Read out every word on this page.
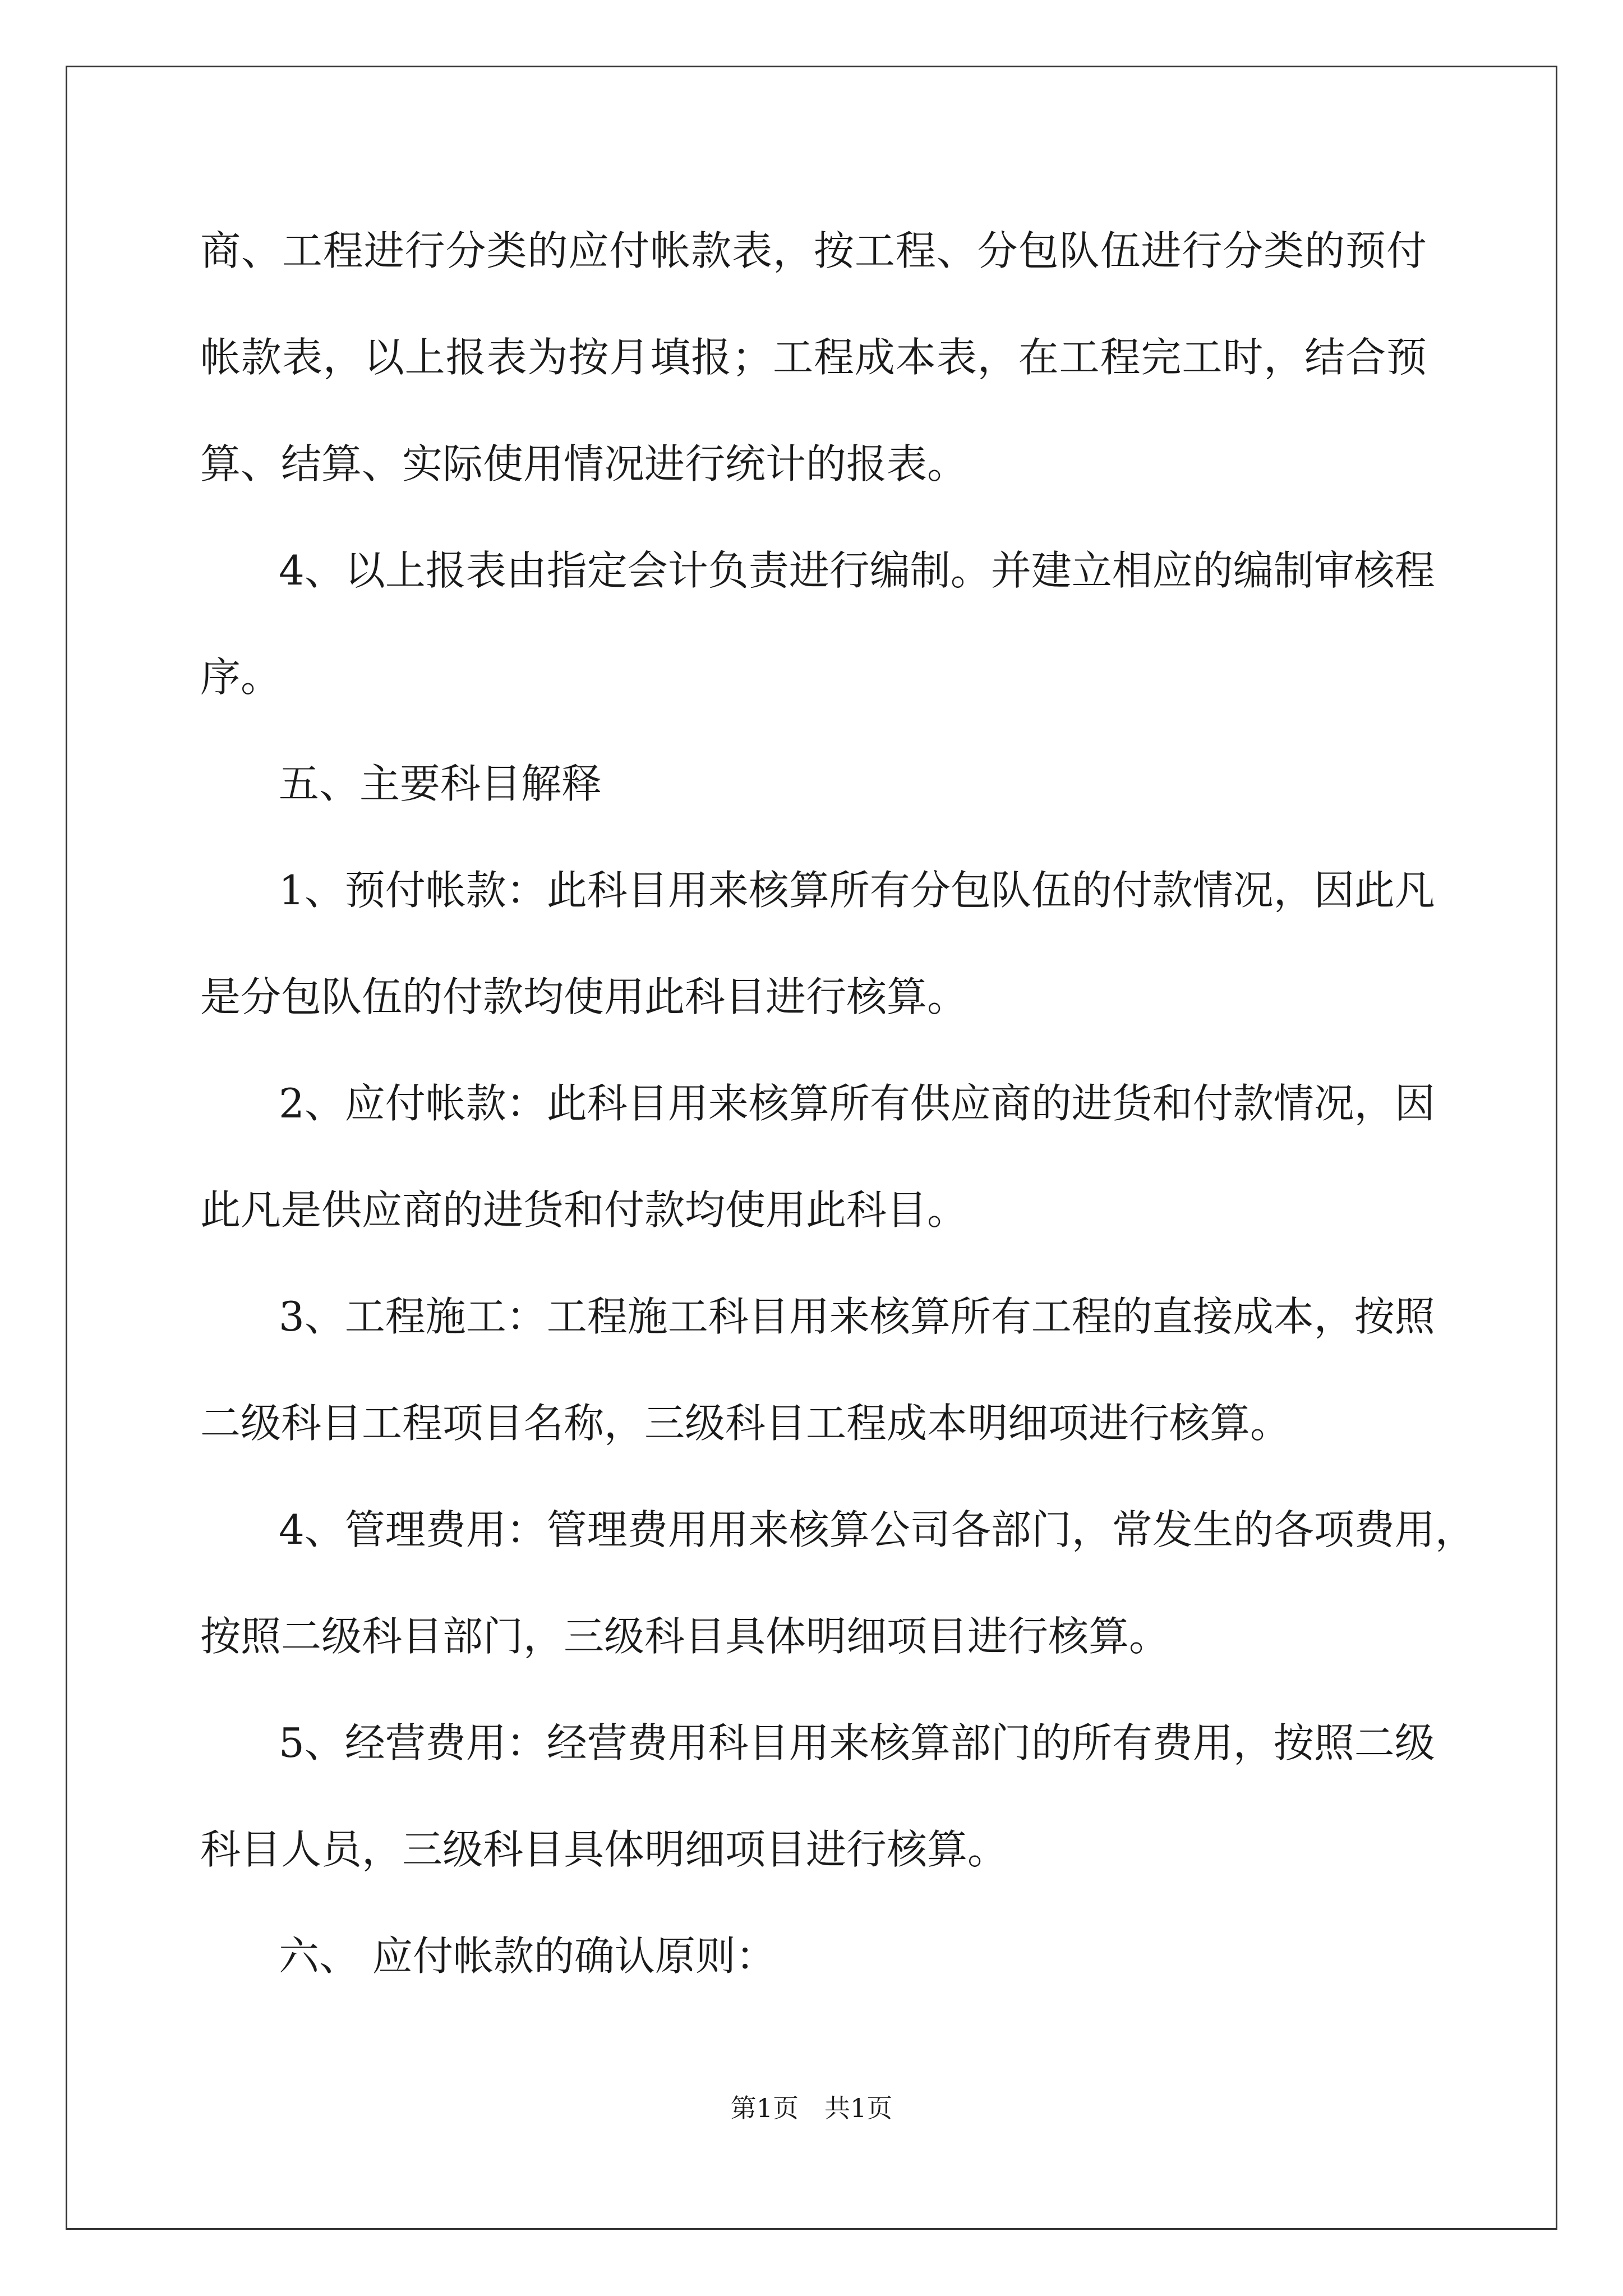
商、工程进行分类的应付帐款表，按工程、分包队伍进行分类的预付
帐款表，以上报表为按月填报；工程成本表，在工程完工时，结合预
算、结算、实际使用情况进行统计的报表。
4、以上报表由指定会计负责进行编制。并建立相应的编制审核程
序。
五、主要科目解释
1、预付帐款：此科目用来核算所有分包队伍的付款情况，因此凡
是分包队伍的付款均使用此科目进行核算。
2、应付帐款：此科目用来核算所有供应商的进货和付款情况，因
此凡是供应商的进货和付款均使用此科目。
3、工程施工：工程施工科目用来核算所有工程的直接成本，按照
二级科目工程项目名称，三级科目工程成本明细项进行核算。
4、管理费用：管理费用用来核算公司各部门，常发生的各项费用，
按照二级科目部门，三级科目具体明细项目进行核算。
5、经营费用：经营费用科目用来核算部门的所有费用，按照二级
科目人员，三级科目具体明细项目进行核算。
六、 应付帐款的确认原则：
第1页　共1页
